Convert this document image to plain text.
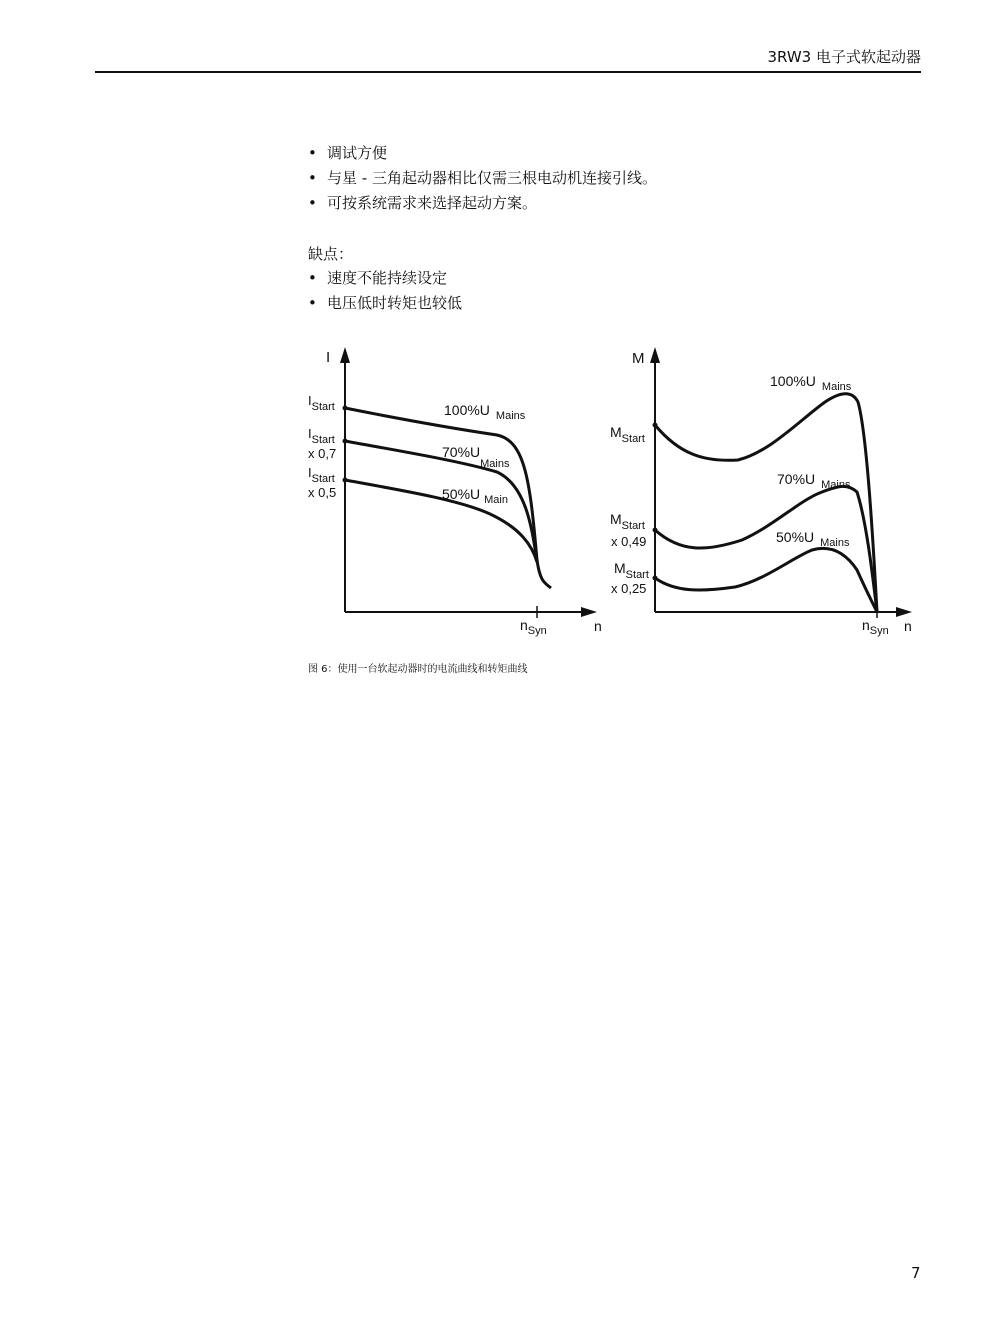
3RW3 电子式软起动器
• 调试方便
• 与星 - 三角起动器相比仅需三根电动机连接引线。
• 可按系统需求来选择起动方案。
缺点：
• 速度不能持续设定
• 电压低时转矩也较低
I
n
$n_{Syn}$
$I_{Start}$
$I_{Start}$
x 0,7
$I_{Start}$
x 0,5
100%U $_{Mains}$
$70\%U_{Mains}$
50%U $_{Main}$
M
n
$n_{Syn}$
$M_{Start}$
$M_{Start}$
x 0,49
$M_{Start}$
x 0,25
100%U $_{Mains}$
70%U $_{Mains}$
50%U $_{Mains}$
图 6：使用一台软起动器时的电流曲线和转矩曲线
7
